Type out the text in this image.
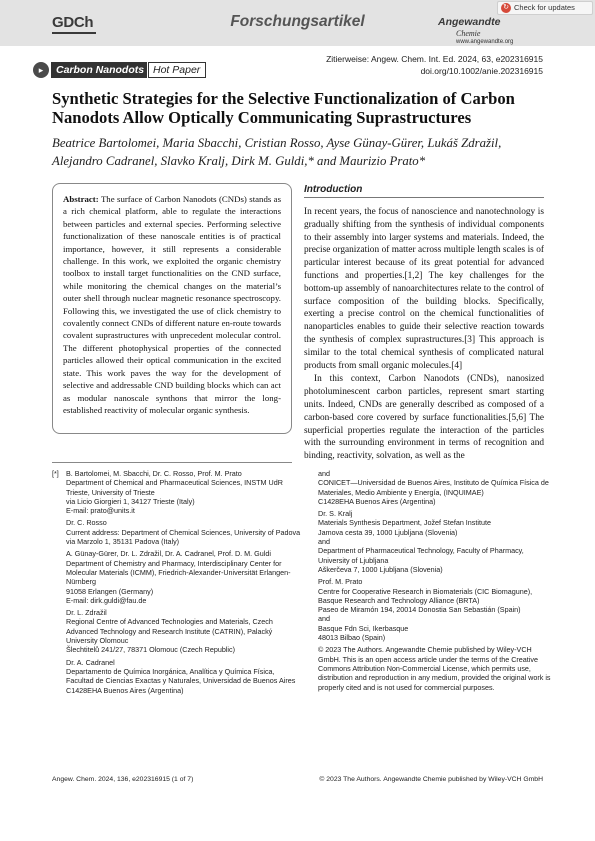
GDCh	Forschungsartikel	Angewandte
Chemie
www.angewandte.org
↻ Check for updates
Zitierweise: Angew. Chem. Int. Ed. 2024, 63, e202316915
doi.org/10.1002/anie.202316915
▸	Carbon Nanodots Hot Paper
Synthetic Strategies for the Selective Functionalization of Carbon Nanodots Allow Optically Communicating Suprastructures
Beatrice Bartolomei, Maria Sbacchi, Cristian Rosso, Ayse Günay-Gürer, Lukáš Zdražil, Alejandro Cadranel, Slavko Kralj, Dirk M. Guldi,* and Maurizio Prato*

Abstract: The surface of Carbon Nanodots (CNDs) stands as a rich chemical platform, able to regulate the interactions between particles and external species. Performing selective functionalization of these nanoscale entities is of practical importance, however, it still represents a considerable challenge. In this work, we exploited the organic chemistry toolbox to install target functionalities on the CND surface, while monitoring the chemical changes on the material’s outer shell through nuclear magnetic resonance spectroscopy. Following this, we investigated the use of click chemistry to covalently connect CNDs of different nature en-route towards covalent suprastructures with unprecedent molecular control. The different photophysical properties of the connected particles allowed their optical communication in the excited state. This work paves the way for the development of selective and addressable CND building blocks which can act as modular nanoscale synthons that mirror the long-established reactivity of molecular organic synthesis.

Introduction

In recent years, the focus of nanoscience and nanotechnology is gradually shifting from the synthesis of individual components to their assembly into larger systems and materials. Indeed, the precise organization of matter across multiple length scales is of particular interest because of its great potential for advanced functions and properties.[1,2] The key challenges for the bottom-up assembly of nanoarchitectures relate to the control of surface composition of the building blocks. Specifically, exerting a precise control on the chemical functionalities of nanoparticles enables to guide their selective reaction towards the synthesis of complex suprastructures.[3] This approach is similar to the total chemical synthesis of complicated natural products from small organic molecules.[4]

In this context, Carbon Nanodots (CNDs), nanosized photoluminescent carbon particles, represent smart starting units. Indeed, CNDs are generally described as composed of a carbon-based core covered by surface functionalities.[5,6] The superficial properties regulate the interaction of the particles with the surrounding environment in terms of recognition and binding, reactivity, solvation, as well as the

[*] B. Bartolomei, M. Sbacchi, Dr. C. Rosso, Prof. M. Prato
Department of Chemical and Pharmaceutical Sciences, INSTM UdR Trieste, University of Trieste
via Licio Giorgieri 1, 34127 Trieste (Italy)
E-mail: prato@units.it
Dr. C. Rosso
Current address: Department of Chemical Sciences, University of Padova
via Marzolo 1, 35131 Padova (Italy)
A. Günay-Gürer, Dr. L. Zdražil, Dr. A. Cadranel, Prof. D. M. Guldi
Department of Chemistry and Pharmacy, Interdisciplinary Center for Molecular Materials (ICMM), Friedrich-Alexander-Universität Erlangen-Nürnberg
91058 Erlangen (Germany)
E-mail: dirk.guldi@fau.de
Dr. L. Zdražil
Regional Centre of Advanced Technologies and Materials, Czech Advanced Technology and Research Institute (CATRIN), Palacký University Olomouc
Šlechtitelů 241/27, 78371 Olomouc (Czech Republic)
Dr. A. Cadranel
Departamento de Química Inorgánica, Analítica y Química Física, Facultad de Ciencias Exactas y Naturales, Universidad de Buenos Aires
C1428EHA Buenos Aires (Argentina)
and
CONICET—Universidad de Buenos Aires, Instituto de Química Física de Materiales, Medio Ambiente y Energía, (INQUIMAE)
C1428EHA Buenos Aires (Argentina)
Dr. S. Kralj
Materials Synthesis Department, Jožef Stefan Institute
Jamova cesta 39, 1000 Ljubljana (Slovenia)
and
Department of Pharmaceutical Technology, Faculty of Pharmacy, University of Ljubljana
Aškerčeva 7, 1000 Ljubljana (Slovenia)
Prof. M. Prato
Centre for Cooperative Research in Biomaterials (CIC Biomagune), Basque Research and Technology Alliance (BRTA)
Paseo de Miramón 194, 20014 Donostia San Sebastián (Spain)
and
Basque Fdn Sci, Ikerbasque
48013 Bilbao (Spain)
© 2023 The Authors. Angewandte Chemie published by Wiley-VCH GmbH. This is an open access article under the terms of the Creative Commons Attribution Non-Commercial License, which permits use, distribution and reproduction in any medium, provided the original work is properly cited and is not used for commercial purposes.
Angew. Chem. 2024, 136, e202316915 (1 of 7)	© 2023 The Authors. Angewandte Chemie published by Wiley-VCH GmbH
